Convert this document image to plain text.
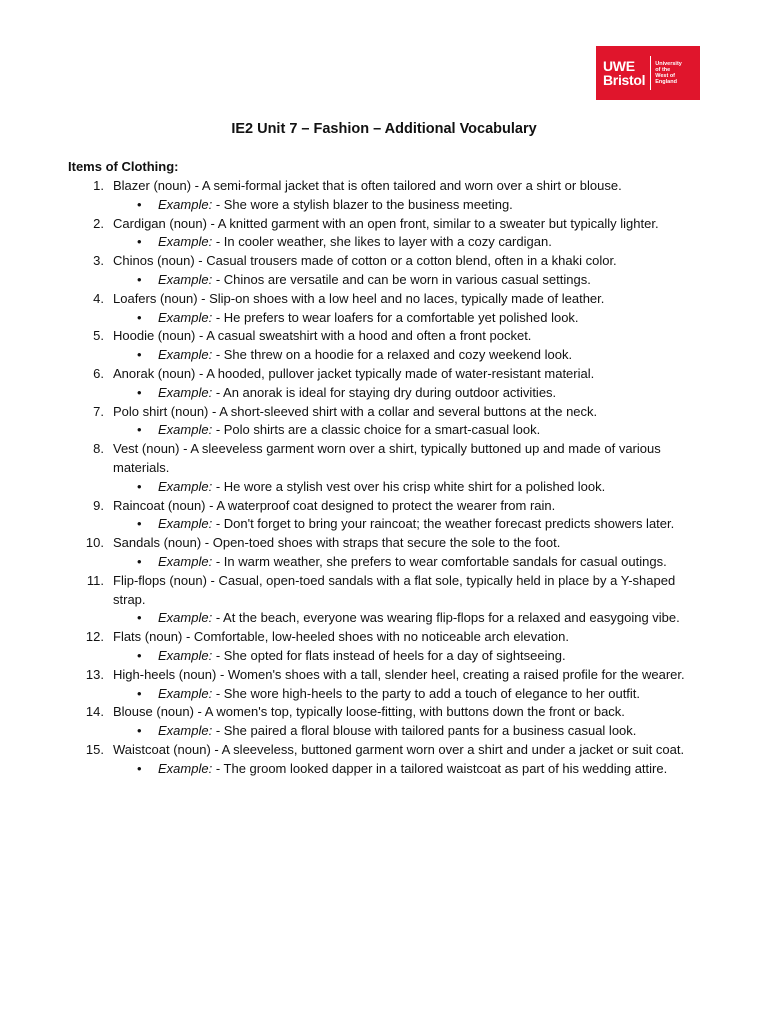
UWE
Bristol
University
of the
West of
England
IE2 Unit 7 – Fashion – Additional Vocabulary
Items of Clothing:
1. Blazer (noun) - A semi-formal jacket that is often tailored and worn over a shirt or blouse.
• Example: - She wore a stylish blazer to the business meeting.
2. Cardigan (noun) - A knitted garment with an open front, similar to a sweater but typically lighter.
• Example: - In cooler weather, she likes to layer with a cozy cardigan.
3. Chinos (noun) - Casual trousers made of cotton or a cotton blend, often in a khaki color.
• Example: - Chinos are versatile and can be worn in various casual settings.
4. Loafers (noun) - Slip-on shoes with a low heel and no laces, typically made of leather.
• Example: - He prefers to wear loafers for a comfortable yet polished look.
5. Hoodie (noun) - A casual sweatshirt with a hood and often a front pocket.
• Example: - She threw on a hoodie for a relaxed and cozy weekend look.
6. Anorak (noun) - A hooded, pullover jacket typically made of water-resistant material.
• Example: - An anorak is ideal for staying dry during outdoor activities.
7. Polo shirt (noun) - A short-sleeved shirt with a collar and several buttons at the neck.
• Example: - Polo shirts are a classic choice for a smart-casual look.
8. Vest (noun) - A sleeveless garment worn over a shirt, typically buttoned up and made of various materials.
• Example: - He wore a stylish vest over his crisp white shirt for a polished look.
9. Raincoat (noun) - A waterproof coat designed to protect the wearer from rain.
• Example: - Don't forget to bring your raincoat; the weather forecast predicts showers later.
10. Sandals (noun) - Open-toed shoes with straps that secure the sole to the foot.
• Example: - In warm weather, she prefers to wear comfortable sandals for casual outings.
11. Flip-flops (noun) - Casual, open-toed sandals with a flat sole, typically held in place by a Y-shaped strap.
• Example: - At the beach, everyone was wearing flip-flops for a relaxed and easygoing vibe.
12. Flats (noun) - Comfortable, low-heeled shoes with no noticeable arch elevation.
• Example: - She opted for flats instead of heels for a day of sightseeing.
13. High-heels (noun) - Women's shoes with a tall, slender heel, creating a raised profile for the wearer.
• Example: - She wore high-heels to the party to add a touch of elegance to her outfit.
14. Blouse (noun) - A women's top, typically loose-fitting, with buttons down the front or back.
• Example: - She paired a floral blouse with tailored pants for a business casual look.
15. Waistcoat (noun) - A sleeveless, buttoned garment worn over a shirt and under a jacket or suit coat.
• Example: - The groom looked dapper in a tailored waistcoat as part of his wedding attire.
